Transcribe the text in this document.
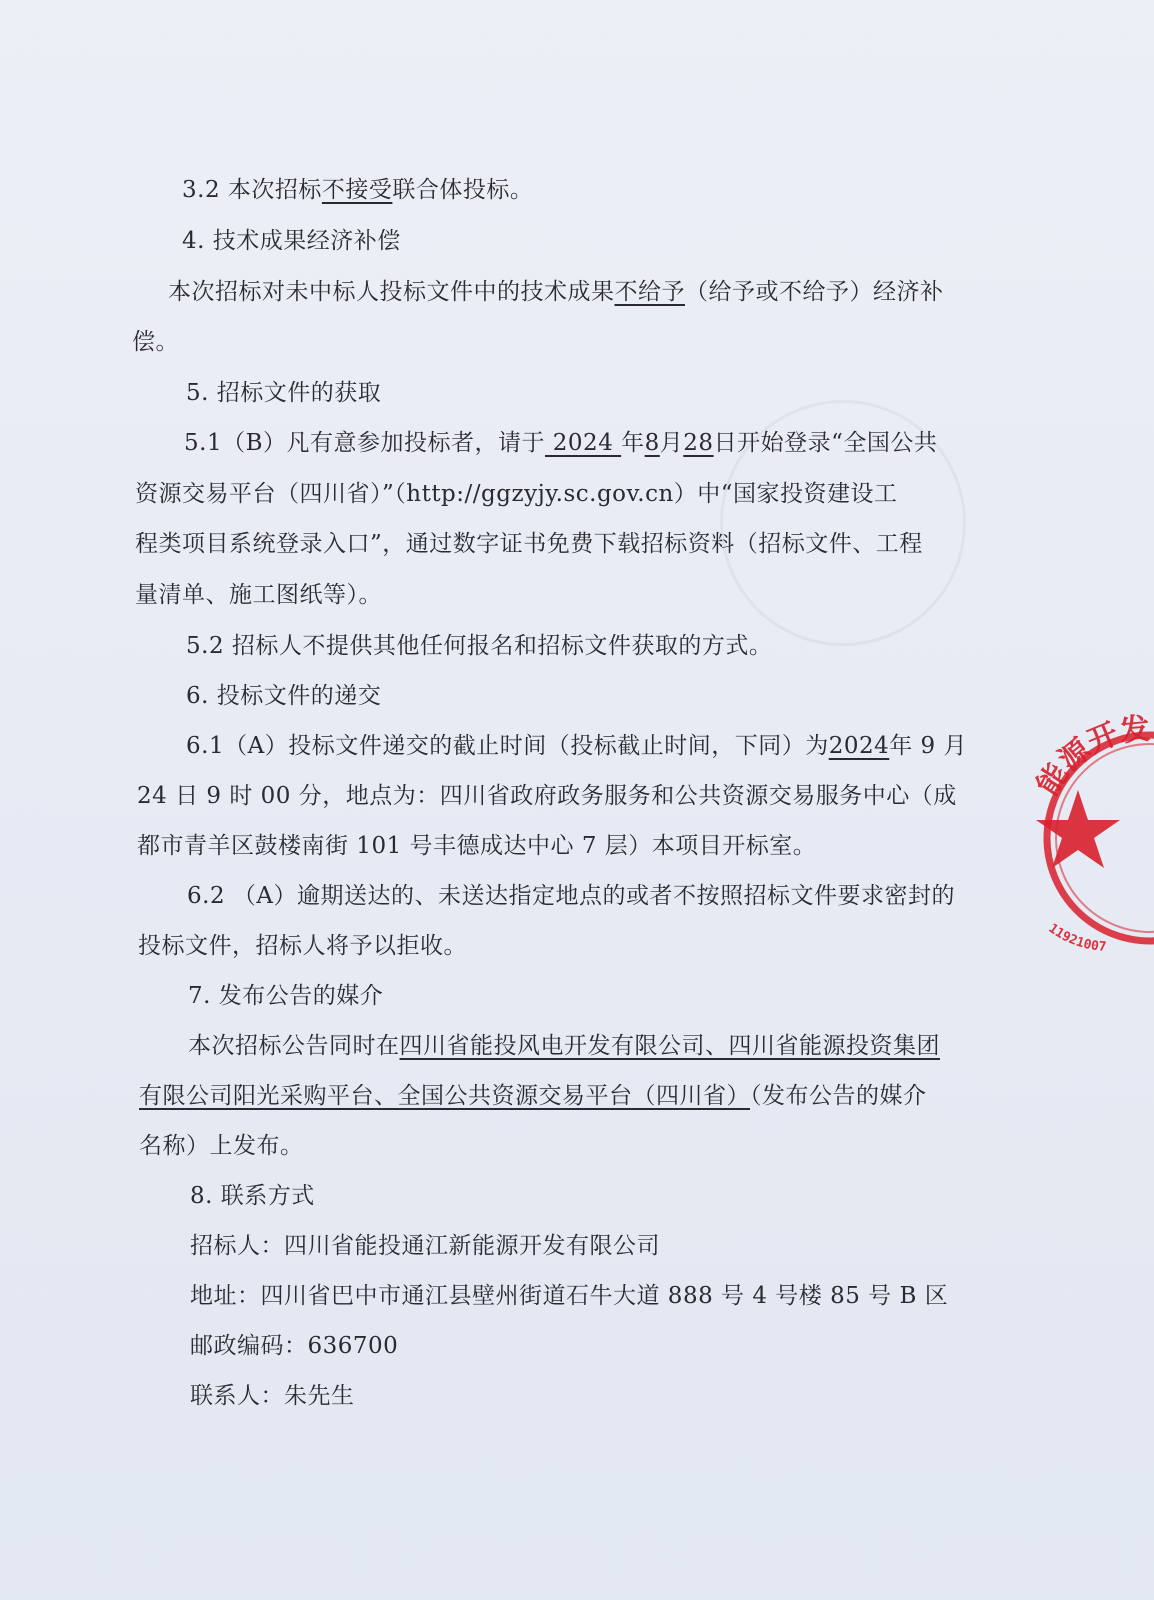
3.2 本次招标不接受联合体投标。
4. 技术成果经济补偿
本次招标对未中标人投标文件中的技术成果不给予（给予或不给予）经济补
偿。
5. 招标文件的获取
5.1（B）凡有意参加投标者，请于 2024 年8月28日开始登录“全国公共
资源交易平台（四川省）”（http://ggzyjy.sc.gov.cn）中“国家投资建设工
程类项目系统登录入口”，通过数字证书免费下载招标资料（招标文件、工程
量清单、施工图纸等）。
5.2 招标人不提供其他任何报名和招标文件获取的方式。
6. 投标文件的递交
6.1（A）投标文件递交的截止时间（投标截止时间，下同）为2024年 9 月
24 日 9 时 00 分，地点为：四川省政府政务服务和公共资源交易服务中心（成
都市青羊区鼓楼南街 101 号丰德成达中心 7 层）本项目开标室。
6.2 （A）逾期送达的、未送达指定地点的或者不按照招标文件要求密封的
投标文件，招标人将予以拒收。
7. 发布公告的媒介
本次招标公告同时在四川省能投风电开发有限公司、四川省能源投资集团
有限公司阳光采购平台、全国公共资源交易平台（四川省）（发布公告的媒介
名称）上发布。
8. 联系方式
招标人：四川省能投通江新能源开发有限公司
地址：四川省巴中市通江县壁州街道石牛大道 888 号 4 号楼 85 号 B 区
邮政编码：636700
联系人：朱先生
能源开发
11921007
